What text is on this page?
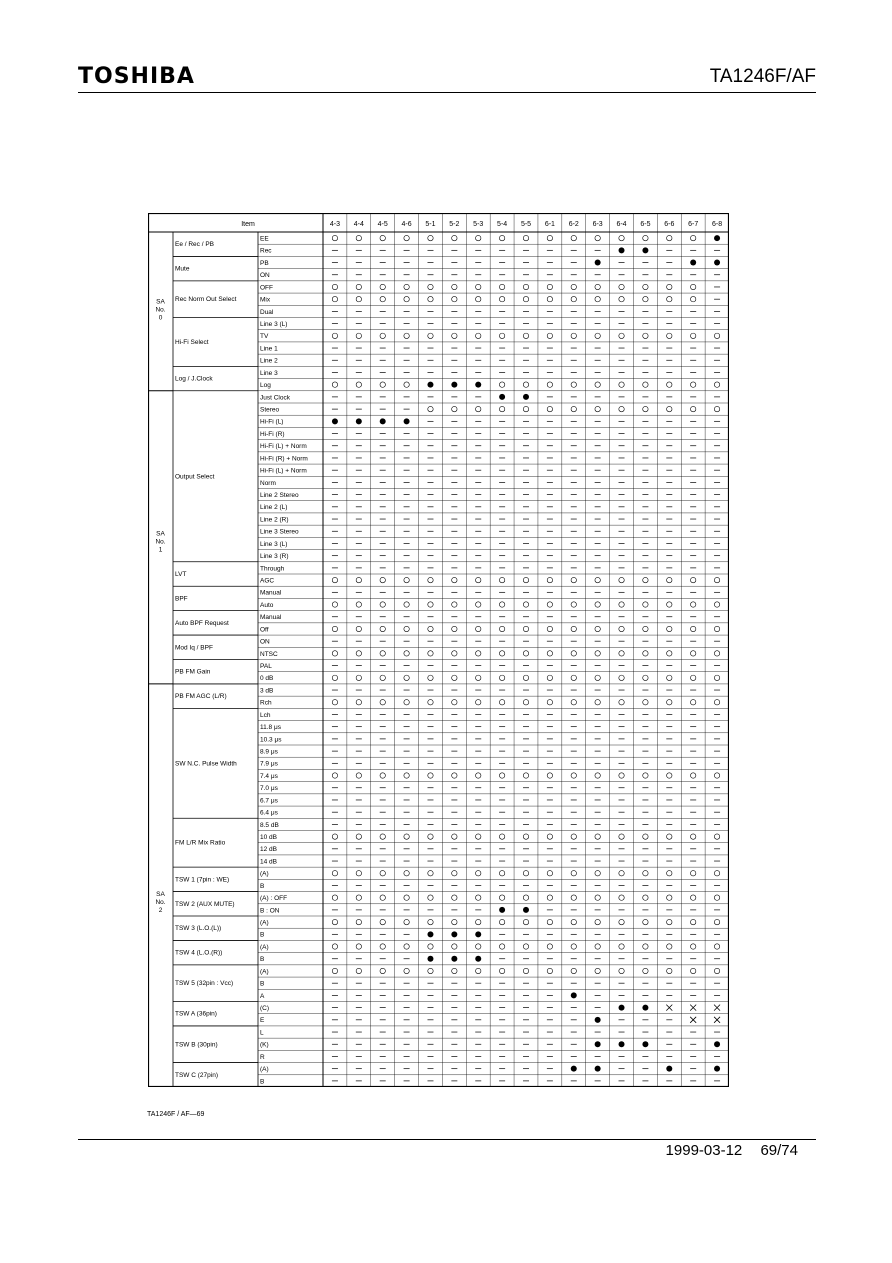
TOSHIBA	TA1246F/AF
Item	4-3 4-4 4-5 4-6 5-1 5-2 5-3 5-4 5-5 6-1 6-2 6-3 6-4 6-5 6-6 6-7 6-8
Ee / Rec / PB
Mute
Rec Norm Out Select
Hi-Fi Select
Log / J.Clock
Output Select
LVT
BPF
Auto BPF Request
Mod Iq / BPF
PB FM Gain
PB FM AGC (L/R)
SW N.C. Pulse Width
FM L/R Mix Ratio
TSW 1 (7pin : WE)
TSW 2 (AUX MUTE)
TSW 3 (L.O.(L))
TSW 4 (L.O.(R))
TSW 5 (32pin : Vcc)
TSW A (36pin)
TSW B (30pin)
TSW C (27pin)
SA
No.
0
SA
No.
1
SA
No.
2
EE
Rec
PB
ON
OFF
Mix
Dual
Line 3 (L)
TV
Line 1
Line 2
Line 3
Log
Just Clock
Stereo
Hi-Fi (L)
Hi-Fi (R)
Hi-Fi (L) + Norm
Hi-Fi (R) + Norm
Hi-Fi (L) + Norm
Norm
Line 2 Stereo
Line 2 (L)
Line 2 (R)
Line 3 Stereo
Line 3 (L)
Line 3 (R)
Through
AGC
Manual
Auto
Manual
Off
ON
NTSC
PAL
0 dB
3 dB
Rch
Lch
11.8 μs
10.3 μs
8.9 μs
7.9 μs
7.4 μs
7.0 μs
6.7 μs
6.4 μs
8.5 dB
10 dB
12 dB
14 dB
(A)
B
(A) : OFF
B : ON
(A)
B
(A)
B
(A)
B
A
(C)
E
L
(K)
R
(A)
B
TA1246F / AF—69
1999-03-12 69/74
